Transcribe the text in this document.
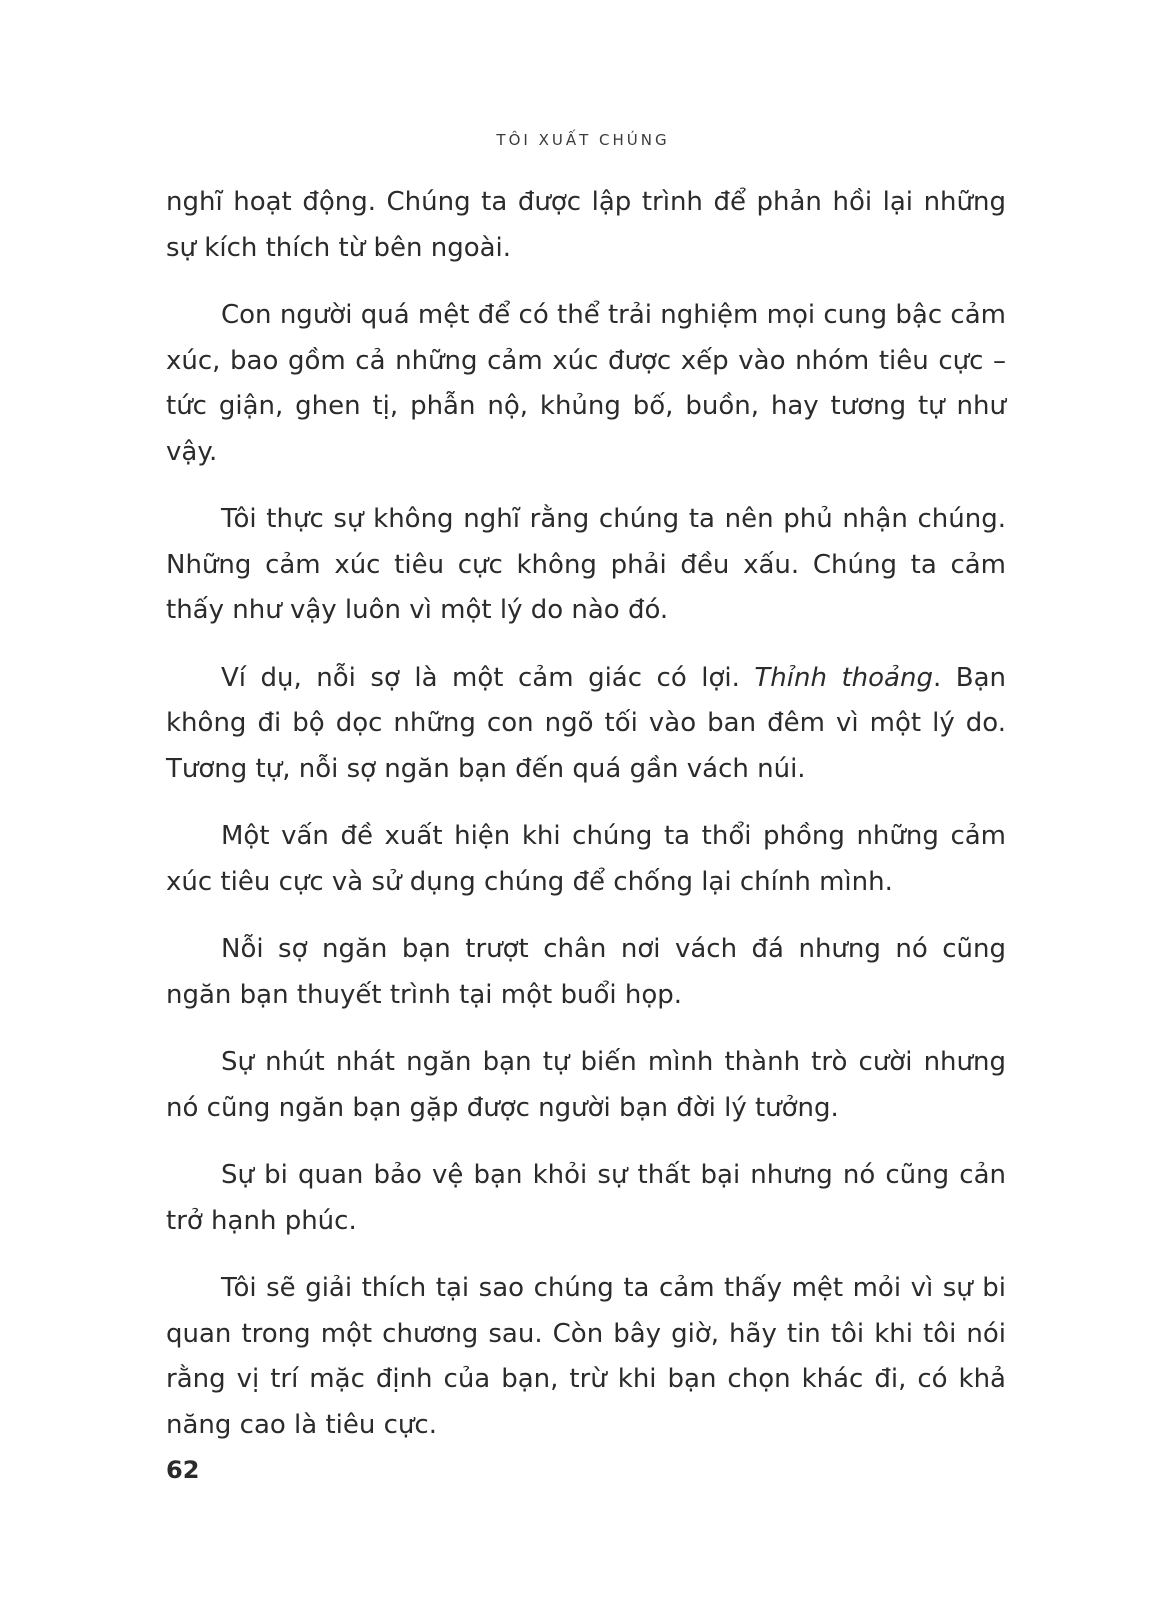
TÔI XUẤT CHÚNG

nghĩ hoạt động. Chúng ta được lập trình để phản hồi lại những sự kích thích từ bên ngoài.

Con người quá mệt để có thể trải nghiệm mọi cung bậc cảm xúc, bao gồm cả những cảm xúc được xếp vào nhóm tiêu cực – tức giận, ghen tị, phẫn nộ, khủng bố, buồn, hay tương tự như vậy.

Tôi thực sự không nghĩ rằng chúng ta nên phủ nhận chúng. Những cảm xúc tiêu cực không phải đều xấu. Chúng ta cảm thấy như vậy luôn vì một lý do nào đó.

Ví dụ, nỗi sợ là một cảm giác có lợi. Thỉnh thoảng. Bạn không đi bộ dọc những con ngõ tối vào ban đêm vì một lý do. Tương tự, nỗi sợ ngăn bạn đến quá gần vách núi.

Một vấn đề xuất hiện khi chúng ta thổi phồng những cảm xúc tiêu cực và sử dụng chúng để chống lại chính mình.

Nỗi sợ ngăn bạn trượt chân nơi vách đá nhưng nó cũng ngăn bạn thuyết trình tại một buổi họp.

Sự nhút nhát ngăn bạn tự biến mình thành trò cười nhưng nó cũng ngăn bạn gặp được người bạn đời lý tưởng.

Sự bi quan bảo vệ bạn khỏi sự thất bại nhưng nó cũng cản trở hạnh phúc.

Tôi sẽ giải thích tại sao chúng ta cảm thấy mệt mỏi vì sự bi quan trong một chương sau. Còn bây giờ, hãy tin tôi khi tôi nói rằng vị trí mặc định của bạn, trừ khi bạn chọn khác đi, có khả năng cao là tiêu cực.

62
